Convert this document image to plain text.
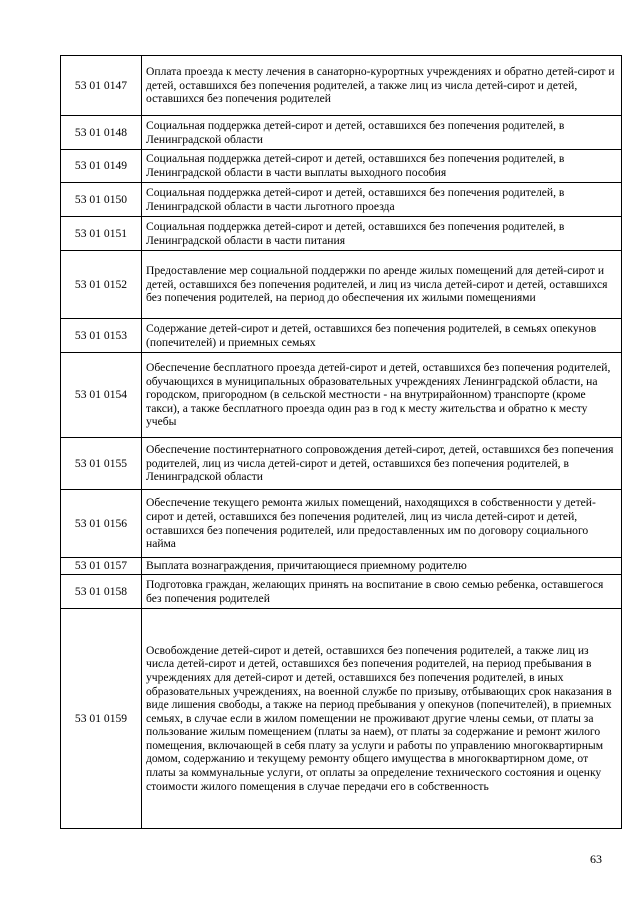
53 01 0147	Оплата проезда к месту лечения в санаторно-курортных учреждениях и обратно детей-сирот и детей, оставшихся без попечения родителей, а также лиц из числа детей-сирот и детей, оставшихся без попечения родителей
53 01 0148	Социальная поддержка детей-сирот и детей, оставшихся без попечения родителей, в Ленинградской области
53 01 0149	Социальная поддержка детей-сирот и детей, оставшихся без попечения родителей, в Ленинградской области в части выплаты выходного пособия
53 01 0150	Социальная поддержка детей-сирот и детей, оставшихся без попечения родителей, в Ленинградской области в части льготного проезда
53 01 0151	Социальная поддержка детей-сирот и детей, оставшихся без попечения родителей, в Ленинградской области в части питания
53 01 0152	Предоставление мер социальной поддержки по аренде жилых помещений для детей-сирот и детей, оставшихся без попечения родителей, и лиц из числа детей-сирот и детей, оставшихся без попечения родителей, на период до обеспечения их жилыми помещениями
53 01 0153	Содержание детей-сирот и детей, оставшихся без попечения родителей, в семьях опекунов (попечителей) и приемных семьях
53 01 0154	Обеспечение бесплатного проезда детей-сирот и детей, оставшихся без попечения родителей, обучающихся в муниципальных образовательных учреждениях Ленинградской области, на городском, пригородном (в сельской местности - на внутрирайонном) транспорте (кроме такси), а также бесплатного проезда один раз в год к месту жительства и обратно к месту учебы
53 01 0155	Обеспечение постинтернатного сопровождения детей-сирот, детей, оставшихся без попечения родителей, лиц из числа детей-сирот и детей, оставшихся без попечения родителей, в Ленинградской области
53 01 0156	Обеспечение текущего ремонта жилых помещений, находящихся в собственности у детей-сирот и детей, оставшихся без попечения родителей, лиц из числа детей-сирот и детей, оставшихся без попечения родителей, или предоставленных им по договору социального найма
53 01 0157	Выплата вознаграждения, причитающиеся приемному родителю
53 01 0158	Подготовка граждан, желающих принять на воспитание в свою семью ребенка, оставшегося без попечения родителей
53 01 0159	Освобождение детей-сирот и детей, оставшихся без попечения родителей, а также лиц из числа детей-сирот и детей, оставшихся без попечения родителей, на период пребывания в учреждениях для детей-сирот и детей, оставшихся без попечения родителей, в иных образовательных учреждениях, на военной службе по призыву, отбывающих срок наказания в виде лишения свободы, а также на период пребывания у опекунов (попечителей), в приемных семьях, в случае если в жилом помещении не проживают другие члены семьи, от платы за пользование жилым помещением (платы за наем), от платы за содержание и ремонт жилого помещения, включающей в себя плату за услуги и работы по управлению многоквартирным домом, содержанию и текущему ремонту общего имущества в многоквартирном доме, от платы за коммунальные услуги, от оплаты за определение технического состояния и оценку стоимости жилого помещения в случае передачи его в собственность
63
